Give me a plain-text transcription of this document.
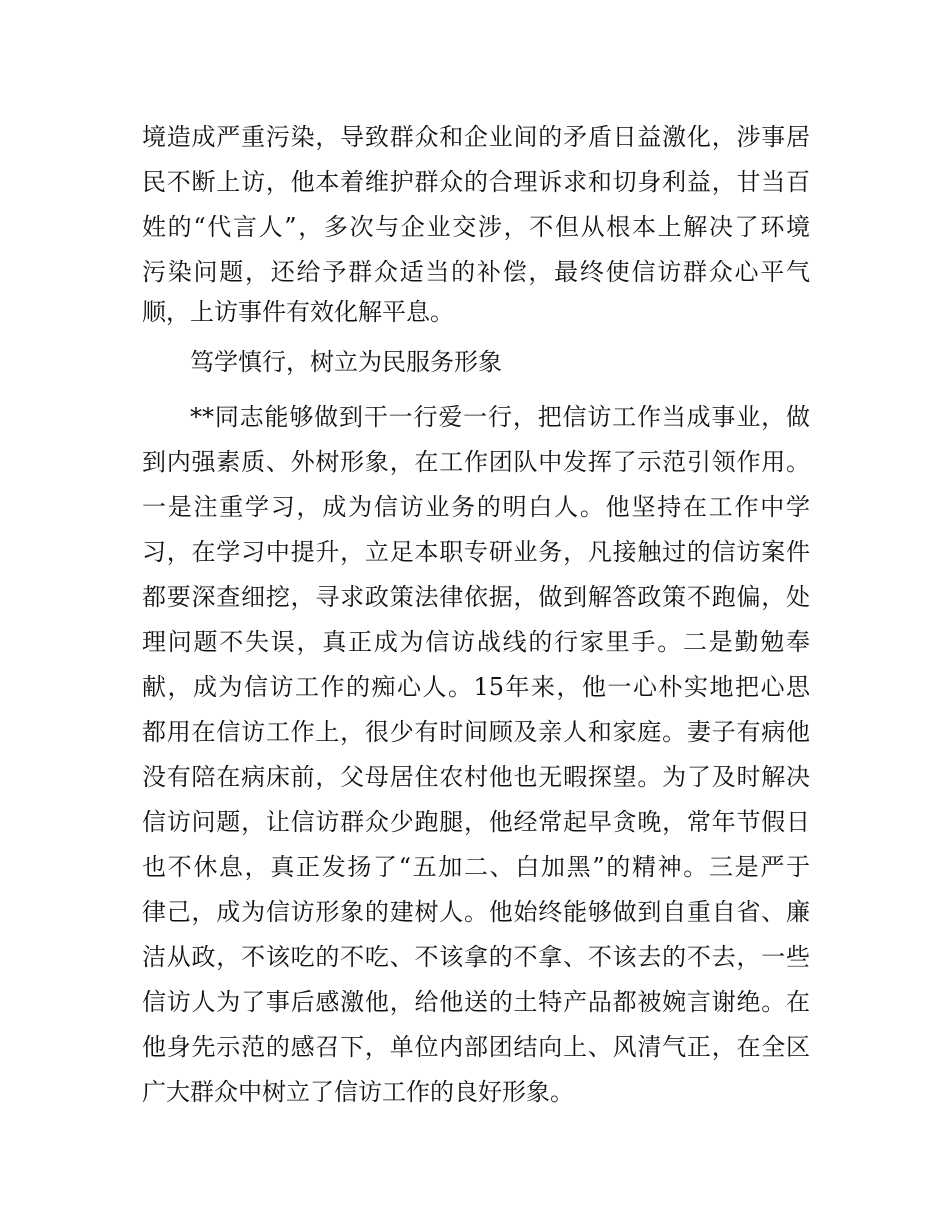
境造成严重污染，导致群众和企业间的矛盾日益激化，涉事居
民不断上访，他本着维护群众的合理诉求和切身利益，甘当百
姓的“代言人”，多次与企业交涉，不但从根本上解决了环境
污染问题，还给予群众适当的补偿，最终使信访群众心平气
顺，上访事件有效化解平息。
笃学慎行，树立为民服务形象
**同志能够做到干一行爱一行，把信访工作当成事业，做
到内强素质、外树形象，在工作团队中发挥了示范引领作用。
一是注重学习，成为信访业务的明白人。他坚持在工作中学
习，在学习中提升，立足本职专研业务，凡接触过的信访案件
都要深查细挖，寻求政策法律依据，做到解答政策不跑偏，处
理问题不失误，真正成为信访战线的行家里手。二是勤勉奉
献，成为信访工作的痴心人。15年来，他一心朴实地把心思
都用在信访工作上，很少有时间顾及亲人和家庭。妻子有病他
没有陪在病床前，父母居住农村他也无暇探望。为了及时解决
信访问题，让信访群众少跑腿，他经常起早贪晚，常年节假日
也不休息，真正发扬了“五加二、白加黑”的精神。三是严于
律己，成为信访形象的建树人。他始终能够做到自重自省、廉
洁从政，不该吃的不吃、不该拿的不拿、不该去的不去，一些
信访人为了事后感激他，给他送的土特产品都被婉言谢绝。在
他身先示范的感召下，单位内部团结向上、风清气正，在全区
广大群众中树立了信访工作的良好形象。
